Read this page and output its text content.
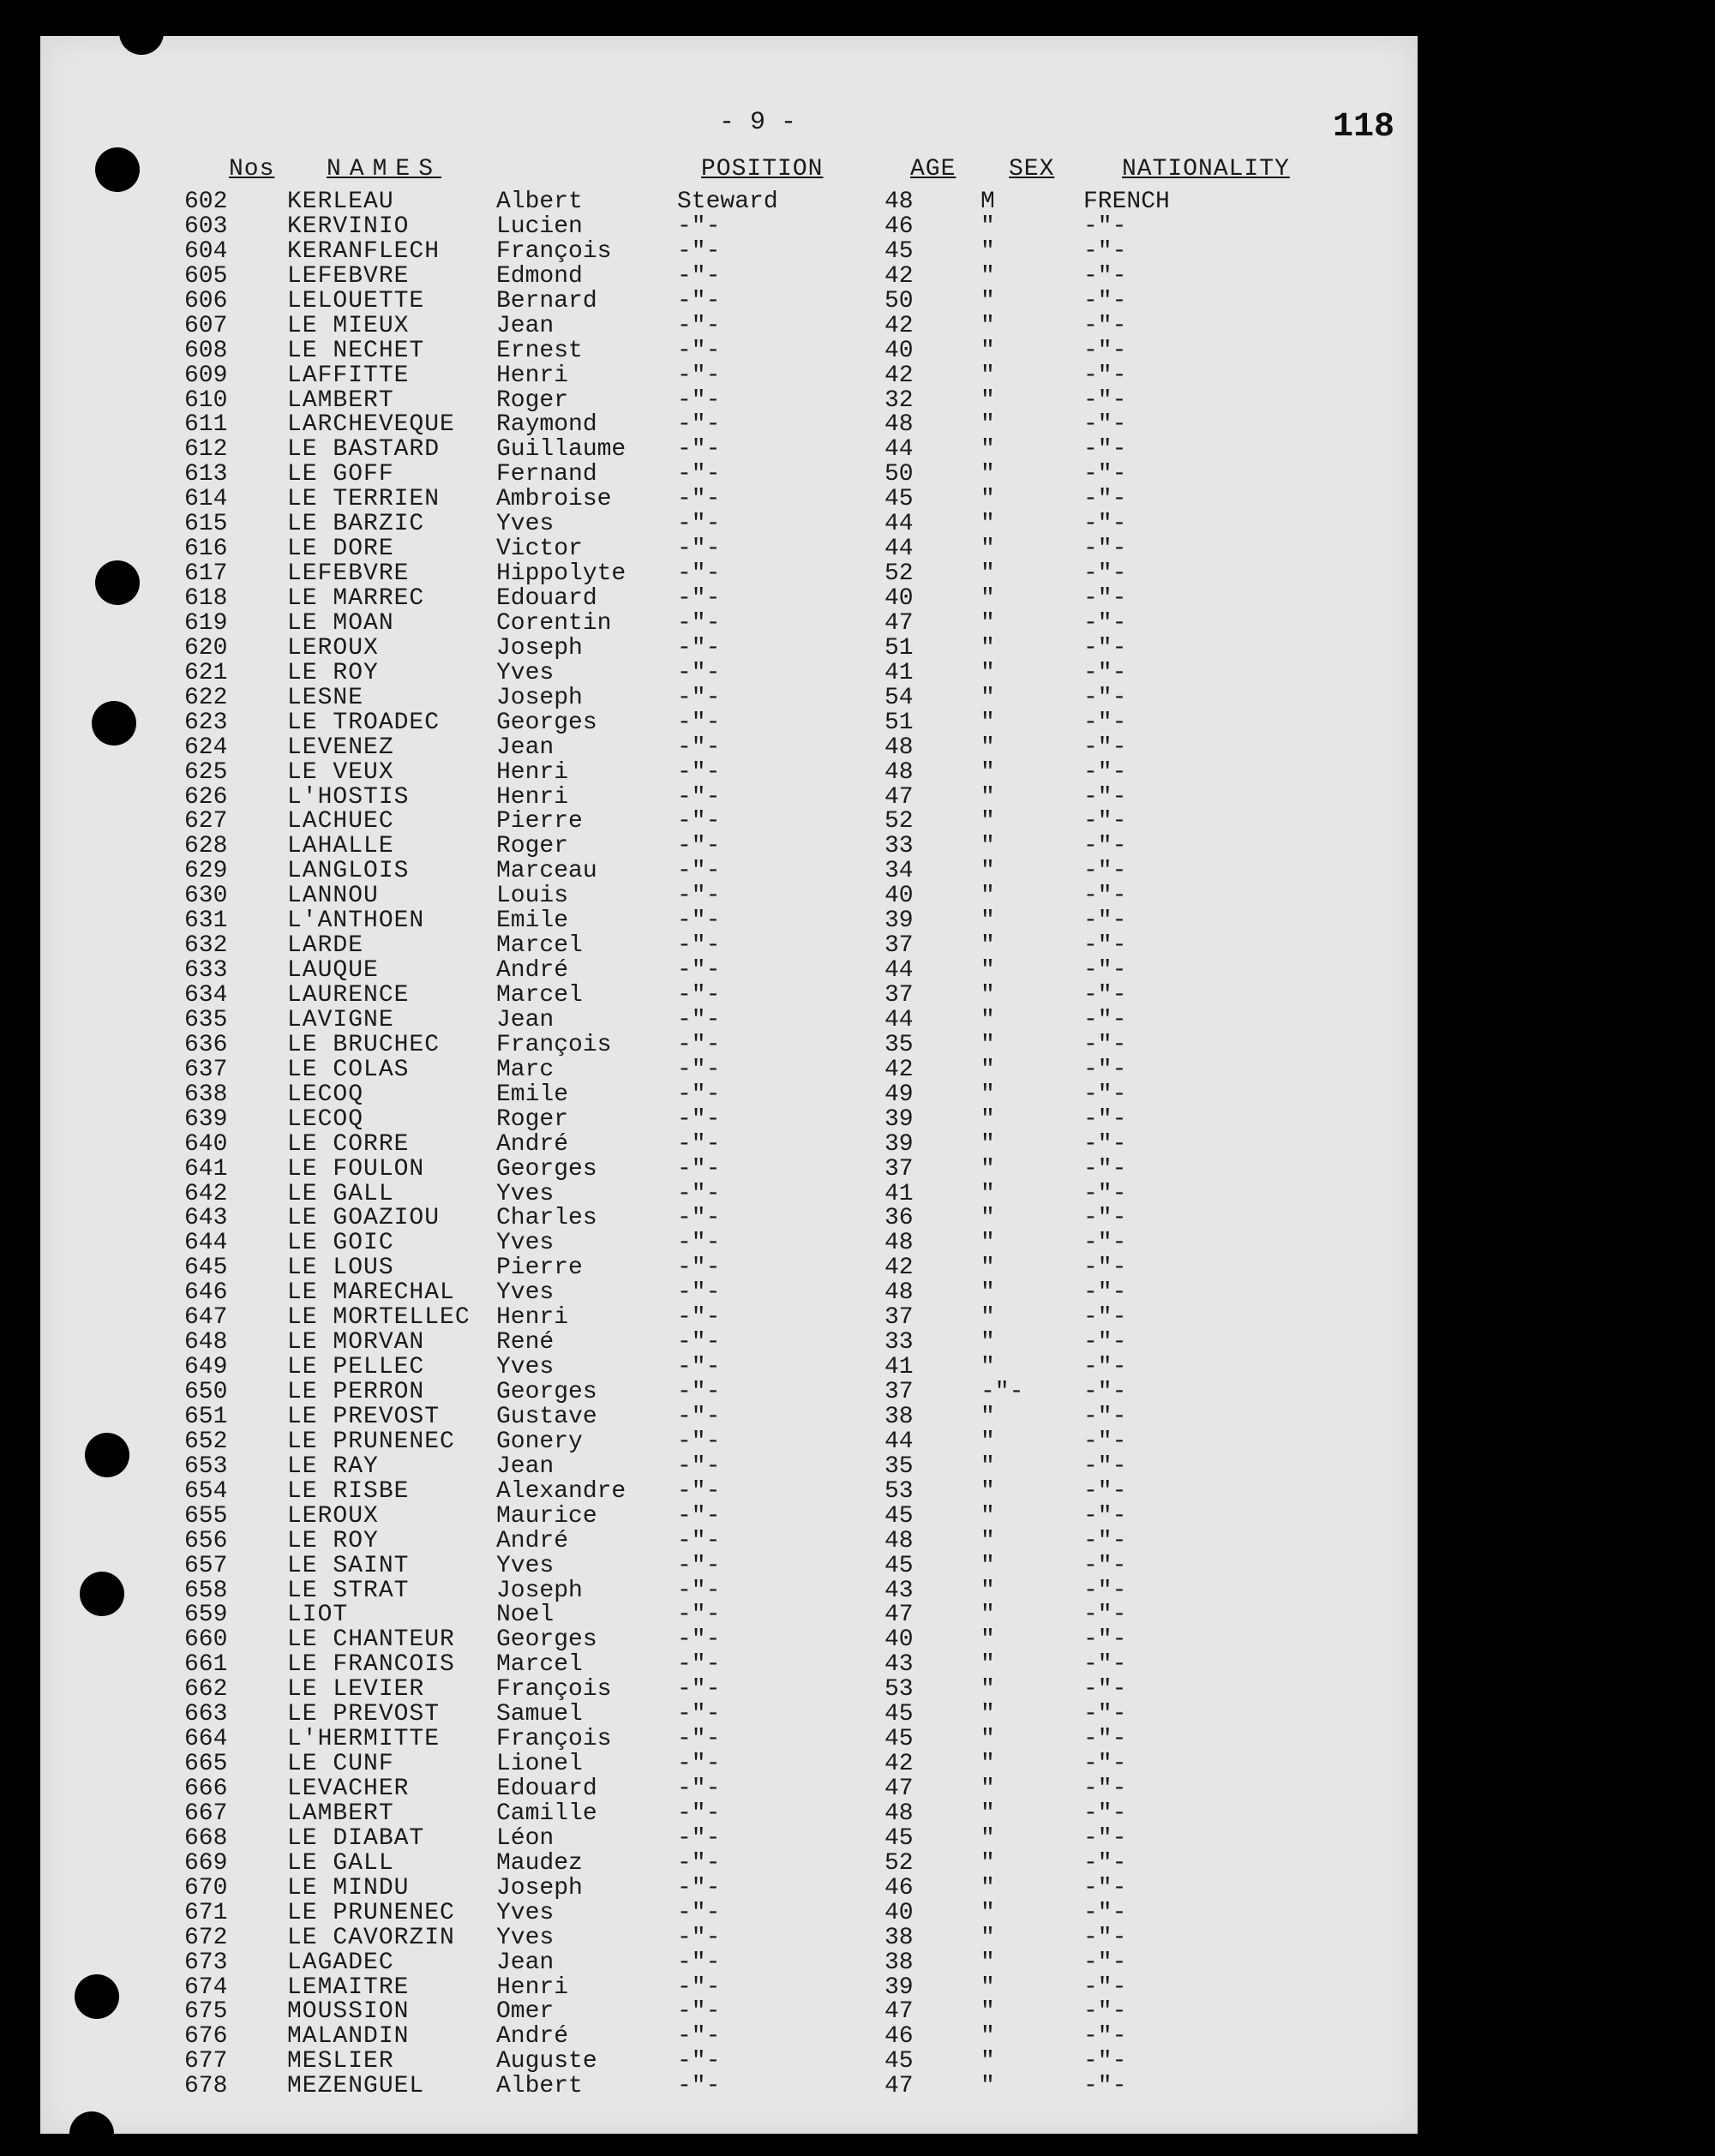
- 9 -	118
Nos NAMES	POSITION	AGE SEX	NATIONALITY
602 KERLEAU	Albert	Steward	48	M	FRENCH
603 KERVINIO	Lucien	-"-	46	"	-"-
604 KERANFLECH François	-"-	45	"	-"-
605 LEFEBVRE	Edmond	-"-	42	"	-"-
606 LELOUETTE	Bernard	-"-	50	"	-"-
607 LE MIEUX	Jean	-"-	42	"	-"-
608 LE NECHET	Ernest	-"-	40	"	-"-
609 LAFFITTE	Henri	-"-	42	"	-"-
610 LAMBERT	Roger	-"-	32	"	-"-
611 LARCHEVEQUE Raymond	-"-	48	"	-"-
612 LE BASTARD Guillaume -"-	44	"	-"-
613 LE GOFF	Fernand	-"-	50	"	-"-
614 LE TERRIEN Ambroise	-"-	45	"	-"-
615 LE BARZIC	Yves	-"-	44	"	-"-
616 LE DORE	Victor	-"-	44	"	-"-
617 LEFEBVRE	Hippolyte -"-	52	"	-"-
618 LE MARREC	Edouard	-"-	40	"	-"-
619 LE MOAN	Corentin	-"-	47	"	-"-
620 LEROUX	Joseph	-"-	51	"	-"-
621 LE ROY	Yves	-"-	41	"	-"-
622 LESNE	Joseph	-"-	54	"	-"-
623 LE TROADEC Georges	-"-	51	"	-"-
624 LEVENEZ	Jean	-"-	48	"	-"-
625 LE VEUX	Henri	-"-	48	"	-"-
626 L'HOSTIS	Henri	-"-	47	"	-"-
627 LACHUEC	Pierre	-"-	52	"	-"-
628 LAHALLE	Roger	-"-	33	"	-"-
629 LANGLOIS	Marceau	-"-	34	"	-"-
630 LANNOU	Louis	-"-	40	"	-"-
631 L'ANTHOEN	Emile	-"-	39	"	-"-
632 LARDE	Marcel	-"-	37	"	-"-
633 LAUQUE	André	-"-	44	"	-"-
634 LAURENCE	Marcel	-"-	37	"	-"-
635 LAVIGNE	Jean	-"-	44	"	-"-
636 LE BRUCHEC François	-"-	35	"	-"-
637 LE COLAS	Marc	-"-	42	"	-"-
638 LECOQ	Emile	-"-	49	"	-"-
639 LECOQ	Roger	-"-	39	"	-"-
640 LE CORRE	André	-"-	39	"	-"-
641 LE FOULON	Georges	-"-	37	"	-"-
642 LE GALL	Yves	-"-	41	"	-"-
643 LE GOAZIOU Charles	-"-	36	"	-"-
644 LE GOIC	Yves	-"-	48	"	-"-
645 LE LOUS	Pierre	-"-	42	"	-"-
646 LE MARECHAL Yves	-"-	48	"	-"-
647 LE MORTELLEC Henri	-"-	37	"	-"-
648 LE MORVAN	René	-"-	33	"	-"-
649 LE PELLEC	Yves	-"-	41	"	-"-
650 LE PERRON	Georges	-"-	37	-"- -"-
651 LE PREVOST Gustave	-"-	38	"	-"-
652 LE PRUNENEC Gonery	-"-	44	"	-"-
653 LE RAY	Jean	-"-	35	"	-"-
654 LE RISBE	Alexandre -"-	53	"	-"-
655 LEROUX	Maurice	-"-	45	"	-"-
656 LE ROY	André	-"-	48	"	-"-
657 LE SAINT	Yves	-"-	45	"	-"-
658 LE STRAT	Joseph	-"-	43	"	-"-
659 LIOT	Noel	-"-	47	"	-"-
660 LE CHANTEUR Georges	-"-	40	"	-"-
661 LE FRANCOIS Marcel	-"-	43	"	-"-
662 LE LEVIER	François	-"-	53	"	-"-
663 LE PREVOST Samuel	-"-	45	"	-"-
664 L'HERMITTE François	-"-	45	"	-"-
665 LE CUNF	Lionel	-"-	42	"	-"-
666 LEVACHER	Edouard	-"-	47	"	-"-
667 LAMBERT	Camille	-"-	48	"	-"-
668 LE DIABAT	Léon	-"-	45	"	-"-
669 LE GALL	Maudez	-"-	52	"	-"-
670 LE MINDU	Joseph	-"-	46	"	-"-
671 LE PRUNENEC Yves	-"-	40	"	-"-
672 LE CAVORZIN Yves	-"-	38	"	-"-
673 LAGADEC	Jean	-"-	38	"	-"-
674 LEMAITRE	Henri	-"-	39	"	-"-
675 MOUSSION	Omer	-"-	47	"	-"-
676 MALANDIN	André	-"-	46	"	-"-
677 MESLIER	Auguste	-"-	45	"	-"-
678 MEZENGUEL	Albert	-"-	47	"	-"-
